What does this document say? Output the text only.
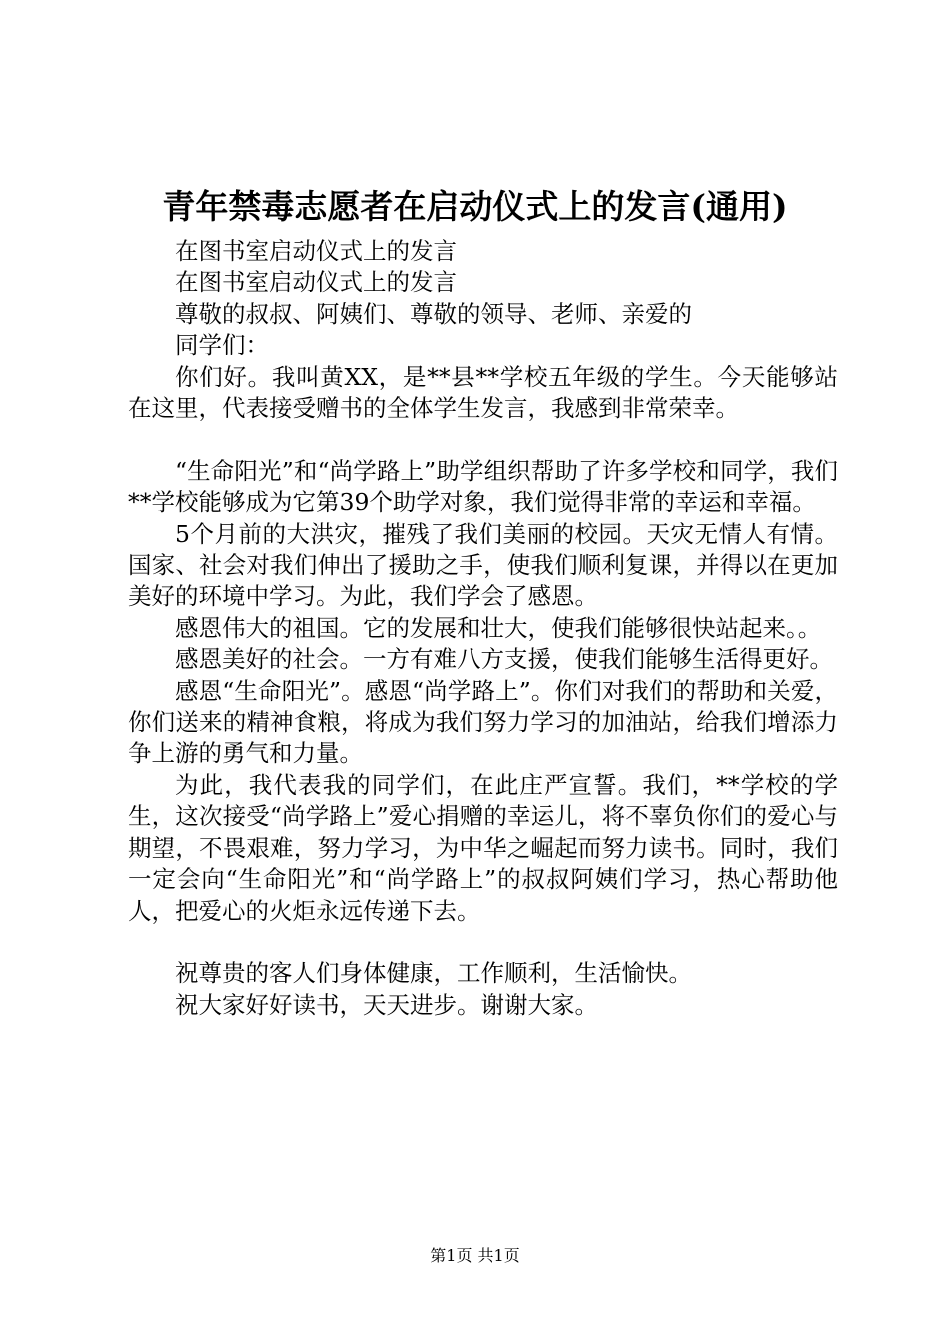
青年禁毒志愿者在启动仪式上的发言(通用)

在图书室启动仪式上的发言

在图书室启动仪式上的发言

尊敬的叔叔、阿姨们、尊敬的领导、老师、亲爱的

同学们：

你们好。我叫黄XX，是**县**学校五年级的学生。今天能够站在这里，代表接受赠书的全体学生发言，我感到非常荣幸。

“生命阳光”和“尚学路上”助学组织帮助了许多学校和同学，我们**学校能够成为它第39个助学对象，我们觉得非常的幸运和幸福。

5个月前的大洪灾，摧残了我们美丽的校园。天灾无情人有情。国家、社会对我们伸出了援助之手，使我们顺利复课，并得以在更加美好的环境中学习。为此，我们学会了感恩。

感恩伟大的祖国。它的发展和壮大，使我们能够很快站起来。。

感恩美好的社会。一方有难八方支援，使我们能够生活得更好。

感恩“生命阳光”。感恩“尚学路上”。你们对我们的帮助和关爱，你们送来的精神食粮，将成为我们努力学习的加油站，给我们增添力争上游的勇气和力量。

为此，我代表我的同学们，在此庄严宣誓。我们，**学校的学生，这次接受“尚学路上”爱心捐赠的幸运儿，将不辜负你们的爱心与期望，不畏艰难，努力学习，为中华之崛起而努力读书。同时，我们一定会向“生命阳光”和“尚学路上”的叔叔阿姨们学习，热心帮助他人，把爱心的火炬永远传递下去。

祝尊贵的客人们身体健康，工作顺利，生活愉快。

祝大家好好读书，天天进步。谢谢大家。

第1页 共1页
